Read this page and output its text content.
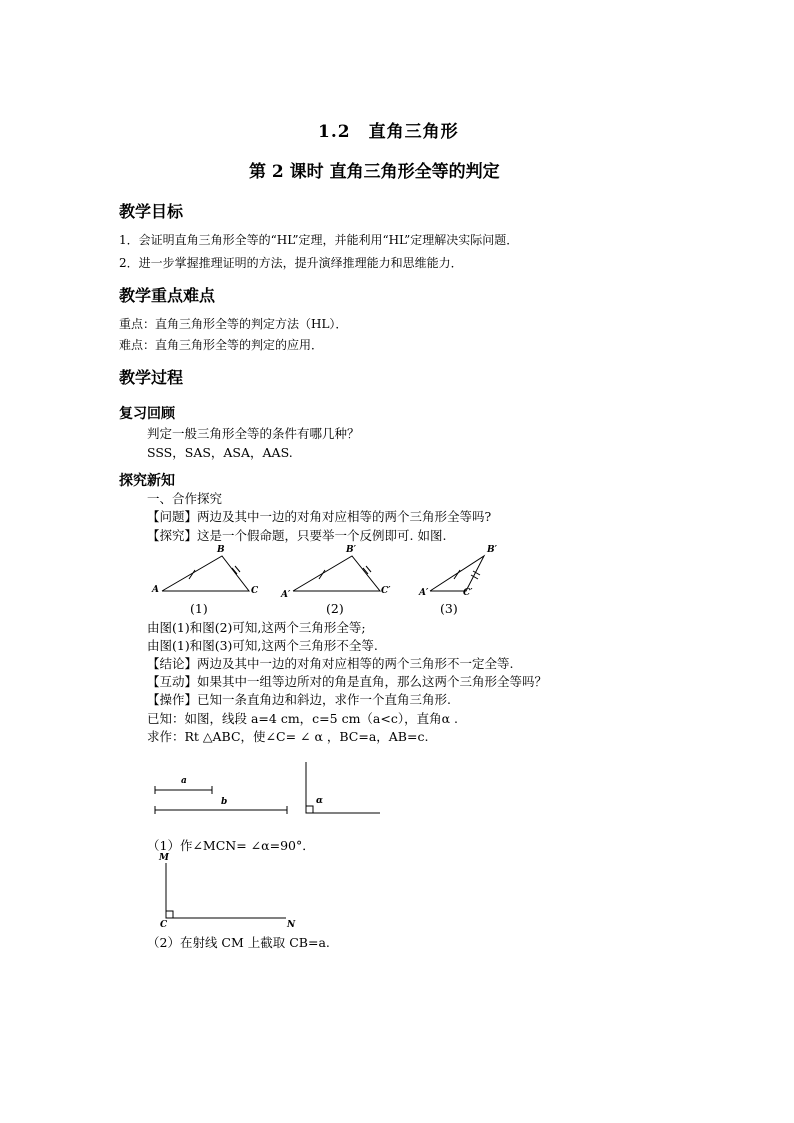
1.2　直角三角形
第 2 课时 直角三角形全等的判定
教学目标
1．会证明直角三角形全等的“HL”定理，并能利用“HL”定理解决实际问题．
2．进一步掌握推理证明的方法，提升演绎推理能力和思维能力．
教学重点难点
重点：直角三角形全等的判定方法（HL）．
难点：直角三角形全等的判定的应用．
教学过程
复习回顾
判定一般三角形全等的条件有哪几种？
SSS，SAS，ASA，AAS.
探究新知
一、合作探究
【问题】两边及其中一边的对角对应相等的两个三角形全等吗?
【探究】这是一个假命题，只要举一个反例即可. 如图.
A
B
C
(1)
A′
B′
C′
(2)
A′
B′
C′
(3)
由图(1)和图(2)可知,这两个三角形全等;
由图(1)和图(3)可知,这两个三角形不全等.
【结论】两边及其中一边的对角对应相等的两个三角形不一定全等.
【互动】如果其中一组等边所对的角是直角，那么这两个三角形全等吗？
【操作】已知一条直角边和斜边，求作一个直角三角形.
已知：如图，线段 a=4 cm，c=5 cm（a<c），直角α .
求作：Rt △ABC，使∠C= ∠ α ，BC=a，AB=c.
a
b	α
（1）作∠MCN= ∠α=90°．
M
C	N
（2）在射线 CM 上截取 CB=a.
